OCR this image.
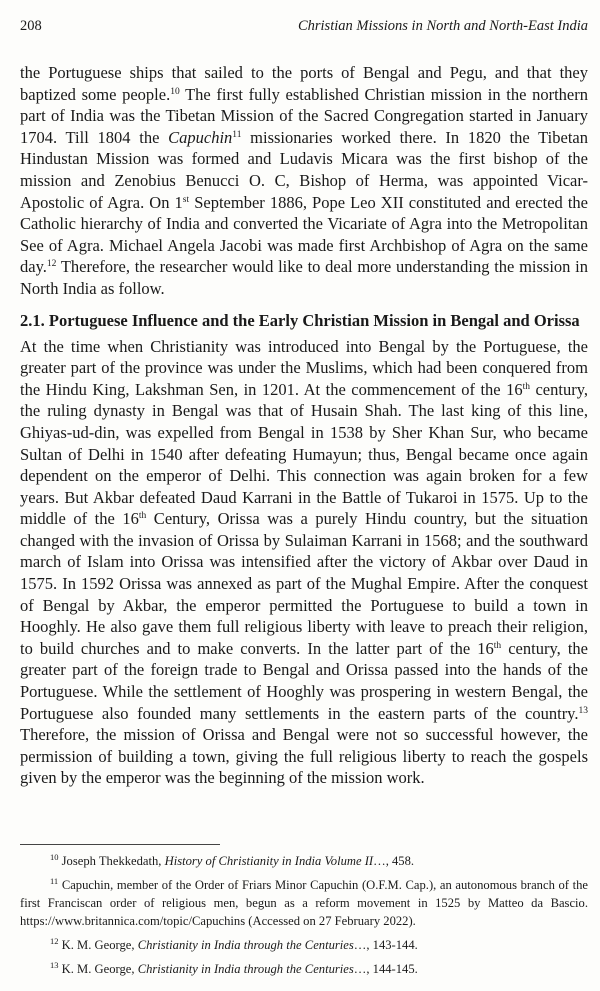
208	Christian Missions in North and North-East India

the Portuguese ships that sailed to the ports of Bengal and Pegu, and that they baptized some people.$^{10}$ The first fully established Christian mission in the northern part of India was the Tibetan Mission of the Sacred Congregation started in January 1704. Till 1804 the Capuchin$^{11}$ missionaries worked there. In 1820 the Tibetan Hindustan Mission was formed and Ludavis Micara was the first bishop of the mission and Zenobius Benucci O. C, Bishop of Herma, was appointed Vicar-Apostolic of Agra. On 1st September 1886, Pope Leo XII constituted and erected the Catholic hierarchy of India and converted the Vicariate of Agra into the Metropolitan See of Agra. Michael Angela Jacobi was made first Archbishop of Agra on the same day.$^{12}$ Therefore, the researcher would like to deal more understanding the mission in North India as follow.

2.1. Portuguese Influence and the Early Christian Mission in Bengal and Orissa

At the time when Christianity was introduced into Bengal by the Portuguese, the greater part of the province was under the Muslims, which had been conquered from the Hindu King, Lakshman Sen, in 1201. At the commencement of the 16th century, the ruling dynasty in Bengal was that of Husain Shah. The last king of this line, Ghiyas-ud-din, was expelled from Bengal in 1538 by Sher Khan Sur, who became Sultan of Delhi in 1540 after defeating Humayun; thus, Bengal became once again dependent on the emperor of Delhi. This connection was again broken for a few years. But Akbar defeated Daud Karrani in the Battle of Tukaroi in 1575. Up to the middle of the 16th Century, Orissa was a purely Hindu country, but the situation changed with the invasion of Orissa by Sulaiman Karrani in 1568; and the southward march of Islam into Orissa was intensified after the victory of Akbar over Daud in 1575. In 1592 Orissa was annexed as part of the Mughal Empire. After the conquest of Bengal by Akbar, the emperor permitted the Portuguese to build a town in Hooghly. He also gave them full religious liberty with leave to preach their religion, to build churches and to make converts. In the latter part of the 16th century, the greater part of the foreign trade to Bengal and Orissa passed into the hands of the Portuguese. While the settlement of Hooghly was prospering in western Bengal, the Portuguese also founded many settlements in the eastern parts of the country.$^{13}$ Therefore, the mission of Orissa and Bengal were not so successful however, the permission of building a town, giving the full religious liberty to reach the gospels given by the emperor was the beginning of the mission work.

$^{10}$ Joseph Thekkedath, History of Christianity in India Volume II…, 458.

$^{11}$ Capuchin, member of the Order of Friars Minor Capuchin (O.F.M. Cap.), an autonomous branch of the first Franciscan order of religious men, begun as a reform movement in 1525 by Matteo da Bascio. https://www.britannica.com/topic/Capuchins (Accessed on 27 February 2022).

$^{12}$ K. M. George, Christianity in India through the Centuries…, 143-144.

$^{13}$ K. M. George, Christianity in India through the Centuries…, 144-145.
